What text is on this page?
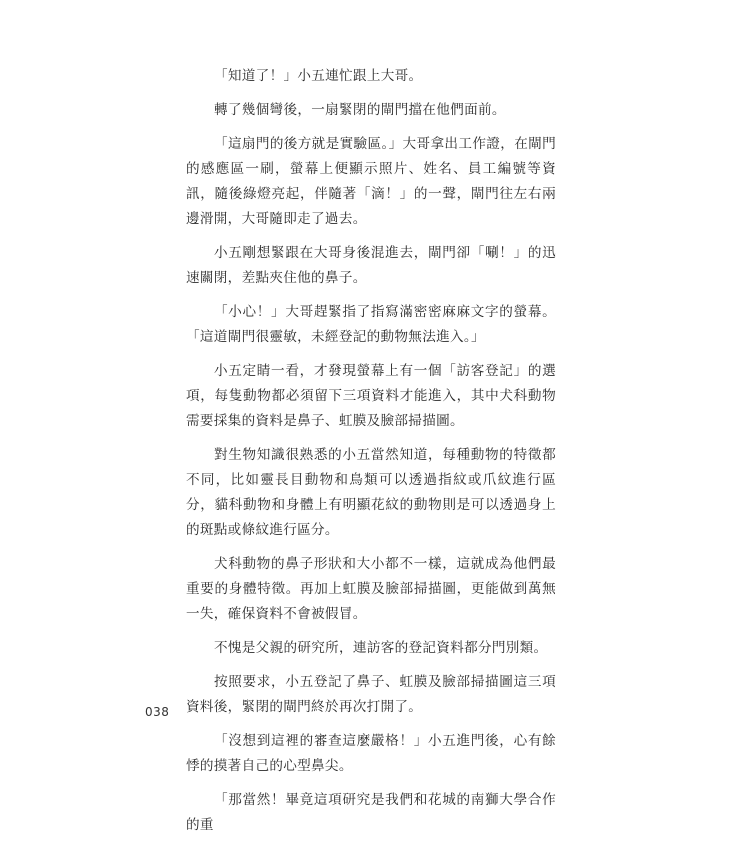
「知道了！」小五連忙跟上大哥。

轉了幾個彎後，一扇緊閉的閘門擋在他們面前。

「這扇門的後方就是實驗區。」大哥拿出工作證，在閘門的感應區一刷，螢幕上便顯示照片、姓名、員工編號等資訊，隨後綠燈亮起，伴隨著「滴！」的一聲，閘門往左右兩邊滑開，大哥隨即走了過去。

小五剛想緊跟在大哥身後混進去，閘門卻「唰！」的迅速關閉，差點夾住他的鼻子。

「小心！」大哥趕緊指了指寫滿密密麻麻文字的螢幕。「這道閘門很靈敏，未經登記的動物無法進入。」

小五定睛一看，才發現螢幕上有一個「訪客登記」的選項，每隻動物都必須留下三項資料才能進入，其中犬科動物需要採集的資料是鼻子、虹膜及臉部掃描圖。

對生物知識很熟悉的小五當然知道，每種動物的特徵都不同，比如靈長目動物和鳥類可以透過指紋或爪紋進行區分，貓科動物和身體上有明顯花紋的動物則是可以透過身上的斑點或條紋進行區分。

犬科動物的鼻子形狀和大小都不一樣，這就成為他們最重要的身體特徵。再加上虹膜及臉部掃描圖，更能做到萬無一失，確保資料不會被假冒。

不愧是父親的研究所，連訪客的登記資料都分門別類。

按照要求，小五登記了鼻子、虹膜及臉部掃描圖這三項資料後，緊閉的閘門終於再次打開了。

「沒想到這裡的審查這麼嚴格！」小五進門後，心有餘悸的摸著自己的心型鼻尖。

「那當然！畢竟這項研究是我們和花城的南獅大學合作的重

038
